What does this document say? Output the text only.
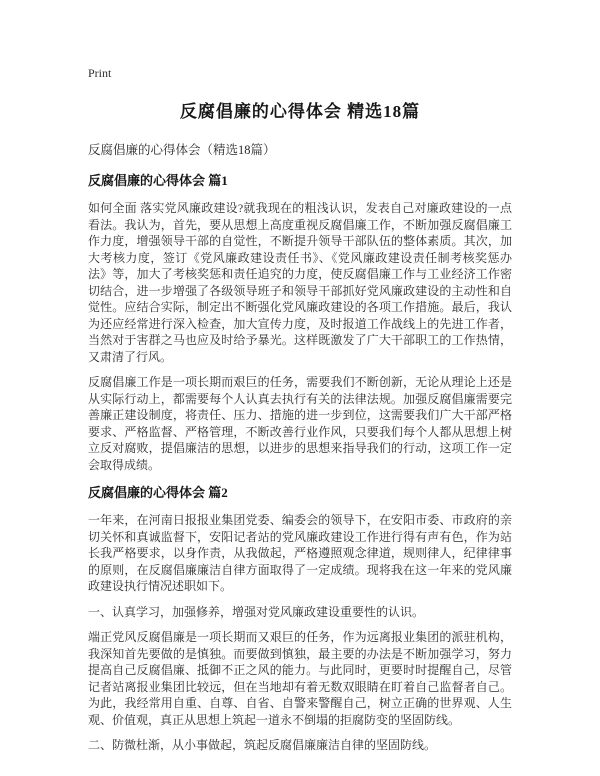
Print
反腐倡廉的心得体会 精选18篇
反腐倡廉的心得体会（精选18篇）
反腐倡廉的心得体会 篇1

如何全面 落实党风廉政建设?就我现在的粗浅认识，发表自己对廉政建设的一点看法。我认为，首先，要从思想上高度重视反腐倡廉工作，不断加强反腐倡廉工作力度，增强领导干部的自觉性，不断提升领导干部队伍的整体素质。其次，加大考核力度，签订《党风廉政建设责任书》、《党风廉政建设责任制考核奖惩办法》等，加大了考核奖惩和责任追究的力度，使反腐倡廉工作与工业经济工作密切结合，进一步增强了各级领导班子和领导干部抓好党风廉政建设的主动性和自觉性。应结合实际，制定出不断强化党风廉政建设的各项工作措施。最后，我认为还应经常进行深入检查，加大宣传力度，及时报道工作战线上的先进工作者，当然对于害群之马也应及时给予暴光。这样既激发了广大干部职工的工作热情，又肃清了行风。

反腐倡廉工作是一项长期而艰巨的任务，需要我们不断创新，无论从理论上还是从实际行动上，都需要每个人认真去执行有关的法律法规。加强反腐倡廉需要完善廉正建设制度，将责任、压力、措施的进一步到位，这需要我们广大干部严格要求、严格监督、严格管理，不断改善行业作风，只要我们每个人都从思想上树立反对腐败，提倡廉洁的思想，以进步的思想来指导我们的行动，这项工作一定会取得成绩。

反腐倡廉的心得体会 篇2

一年来，在河南日报报业集团党委、编委会的领导下，在安阳市委、市政府的亲切关怀和真诚监督下，安阳记者站的党风廉政建设工作进行得有声有色，作为站长我严格要求，以身作责，从我做起，严格遵照观念律道，规则律人，纪律律事的原则，在反腐倡廉廉洁自律方面取得了一定成绩。现将我在这一年来的党风廉政建设执行情况述职如下。

一、认真学习，加强修养，增强对党风廉政建设重要性的认识。

端正党风反腐倡廉是一项长期而又艰巨的任务，作为远离报业集团的派驻机构，我深知首先要做的是慎独。而要做到慎独，最主要的办法是不断加强学习，努力提高自己反腐倡廉、抵御不正之风的能力。与此同时，更要时时提醒自己，尽管记者站离报业集团比较远，但在当地却有着无数双眼睛在盯着自己监督者自己。为此，我经常用自重、自尊、自省、自警来警醒自己，树立正确的世界观、人生观、价值观，真正从思想上筑起一道永不倒塌的拒腐防变的坚固防线。

二、防微杜渐，从小事做起，筑起反腐倡廉廉洁自律的坚固防线。
